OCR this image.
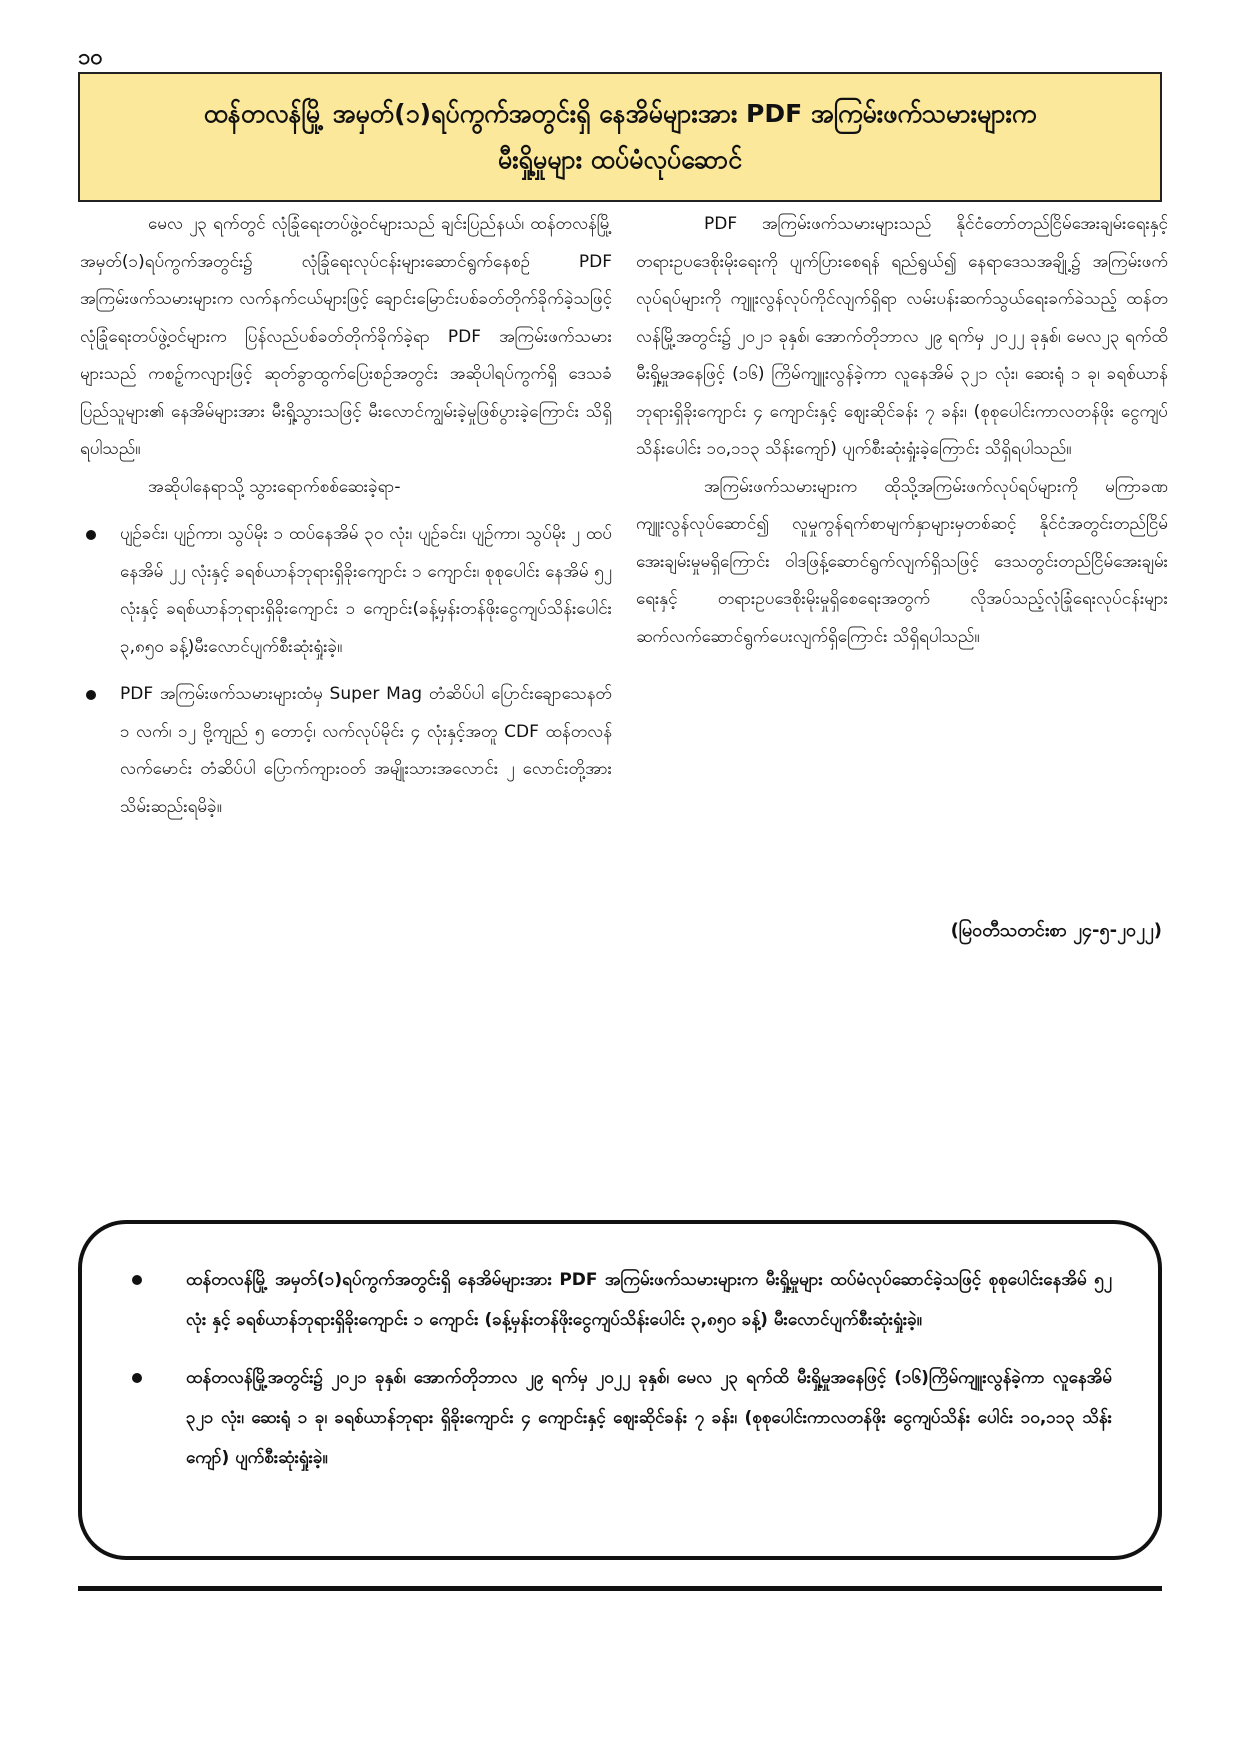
၁၀
ထန်တလန်မြို့ အမှတ်(၁)ရပ်ကွက်အတွင်းရှိ နေအိမ်များအား PDF အကြမ်းဖက်သမားများက
မီးရှို့မှုများ ထပ်မံလုပ်ဆောင်

မေလ ၂၃ ရက်တွင် လုံခြုံရေးတပ်ဖွဲ့ဝင်များသည် ချင်းပြည်နယ်၊ ထန်တလန်မြို့ အမှတ်(၁)ရပ်ကွက်အတွင်း၌ လုံခြုံရေးလုပ်ငန်းများဆောင်ရွက်နေစဉ် PDF အကြမ်းဖက်သမားများက လက်နက်ငယ်များဖြင့် ချောင်းမြောင်းပစ်ခတ်တိုက်ခိုက်ခဲ့သဖြင့် လုံခြုံရေးတပ်ဖွဲ့ဝင်များက ပြန်လည်ပစ်ခတ်တိုက်ခိုက်ခဲ့ရာ PDF အကြမ်းဖက်သမားများသည် ကစဉ့်ကလျားဖြင့် ဆုတ်ခွာထွက်ပြေးစဉ်အတွင်း အဆိုပါရပ်ကွက်ရှိ ဒေသခံပြည်သူများ၏ နေအိမ်များအား မီးရှို့သွားသဖြင့် မီးလောင်ကျွမ်းခဲ့မှုဖြစ်ပွားခဲ့ကြောင်း သိရှိရပါသည်။

အဆိုပါနေရာသို့ သွားရောက်စစ်ဆေးခဲ့ရာ-

ပျဉ်ခင်း၊ ပျဉ်ကာ၊ သွပ်မိုး ၁ ထပ်နေအိမ် ၃၀ လုံး၊ ပျဉ်ခင်း၊ ပျဉ်ကာ၊ သွပ်မိုး ၂ ထပ်နေအိမ် ၂၂ လုံးနှင့် ခရစ်ယာန်ဘုရားရှိခိုးကျောင်း ၁ ကျောင်း၊ စုစုပေါင်း နေအိမ် ၅၂ လုံးနှင့် ခရစ်ယာန်ဘုရားရှိခိုးကျောင်း ၁ ကျောင်း(ခန့်မှန်းတန်ဖိုးငွေကျပ်သိန်းပေါင်း ၃,၈၅၀ ခန့်)မီးလောင်ပျက်စီးဆုံးရှုံးခဲ့။
PDF အကြမ်းဖက်သမားများထံမှ Super Mag တံဆိပ်ပါ ပြောင်းချောသေနတ် ၁ လက်၊ ၁၂ ဗို့ကျည် ၅ တောင့်၊ လက်လုပ်မိုင်း ၄ လုံးနှင့်အတူ CDF ထန်တလန် လက်မောင်း တံဆိပ်ပါ ပြောက်ကျားဝတ် အမျိုးသားအလောင်း ၂ လောင်းတို့အား သိမ်းဆည်းရမိခဲ့။

PDF အကြမ်းဖက်သမားများသည် နိုင်ငံတော်တည်ငြိမ်အေးချမ်းရေးနှင့် တရားဥပဒေစိုးမိုးရေးကို ပျက်ပြားစေရန် ရည်ရွယ်၍ နေရာဒေသအချို့၌ အကြမ်းဖက်လုပ်ရပ်များကို ကျူးလွန်လုပ်ကိုင်လျက်ရှိရာ လမ်းပန်းဆက်သွယ်ရေးခက်ခဲသည့် ထန်တလန်မြို့အတွင်း၌ ၂၀၂၁ ခုနှစ်၊ အောက်တိုဘာလ ၂၉ ရက်မှ ၂၀၂၂ ခုနှစ်၊ မေလ၂၃ ရက်ထိ မီးရှို့မှုအနေဖြင့် (၁၆) ကြိမ်ကျူးလွန်ခဲ့ကာ လူနေအိမ် ၃၂၁ လုံး၊ ဆေးရုံ ၁ ခု၊ ခရစ်ယာန်ဘုရားရှိခိုးကျောင်း ၄ ကျောင်းနှင့် ဈေးဆိုင်ခန်း ၇ ခန်း၊ (စုစုပေါင်းကာလတန်ဖိုး ငွေကျပ်သိန်းပေါင်း ၁၀,၁၁၃ သိန်းကျော်) ပျက်စီးဆုံးရှုံးခဲ့ကြောင်း သိရှိရပါသည်။

အကြမ်းဖက်သမားများက ထိုသို့အကြမ်းဖက်လုပ်ရပ်များကို မကြာခဏကျူးလွန်လုပ်ဆောင်၍ လူမှုကွန်ရက်စာမျက်နှာများမှတစ်ဆင့် နိုင်ငံအတွင်းတည်ငြိမ် အေးချမ်းမှုမရှိကြောင်း ဝါဒဖြန့်ဆောင်ရွက်လျက်ရှိသဖြင့် ဒေသတွင်းတည်ငြိမ်အေးချမ်းရေးနှင့် တရားဥပဒေစိုးမိုးမှုရှိစေရေးအတွက် လိုအပ်သည့်လုံခြုံရေးလုပ်ငန်းများ ဆက်လက်ဆောင်ရွက်ပေးလျက်ရှိကြောင်း သိရှိရပါသည်။

(မြဝတီသတင်းစာ ၂၄-၅-၂၀၂၂)
ထန်တလန်မြို့ အမှတ်(၁)ရပ်ကွက်အတွင်းရှိ နေအိမ်များအား PDF အကြမ်းဖက်သမားများက မီးရှို့မှုများ ထပ်မံလုပ်ဆောင်ခဲ့သဖြင့် စုစုပေါင်းနေအိမ် ၅၂ လုံး နှင့် ခရစ်ယာန်ဘုရားရှိခိုးကျောင်း ၁ ကျောင်း (ခန့်မှန်းတန်ဖိုးငွေကျပ်သိန်းပေါင်း ၃,၈၅၀ ခန့်) မီးလောင်ပျက်စီးဆုံးရှုံးခဲ့။
ထန်တလန်မြို့အတွင်း၌ ၂၀၂၁ ခုနှစ်၊ အောက်တိုဘာလ ၂၉ ရက်မှ ၂၀၂၂ ခုနှစ်၊ မေလ ၂၃ ရက်ထိ မီးရှို့မှုအနေဖြင့် (၁၆)ကြိမ်ကျူးလွန်ခဲ့ကာ လူနေအိမ် ၃၂၁ လုံး၊ ဆေးရုံ ၁ ခု၊ ခရစ်ယာန်ဘုရား ရှိခိုးကျောင်း ၄ ကျောင်းနှင့် ဈေးဆိုင်ခန်း ၇ ခန်း၊ (စုစုပေါင်းကာလတန်ဖိုး ငွေကျပ်သိန်း ပေါင်း ၁၀,၁၁၃ သိန်းကျော်) ပျက်စီးဆုံးရှုံးခဲ့။
